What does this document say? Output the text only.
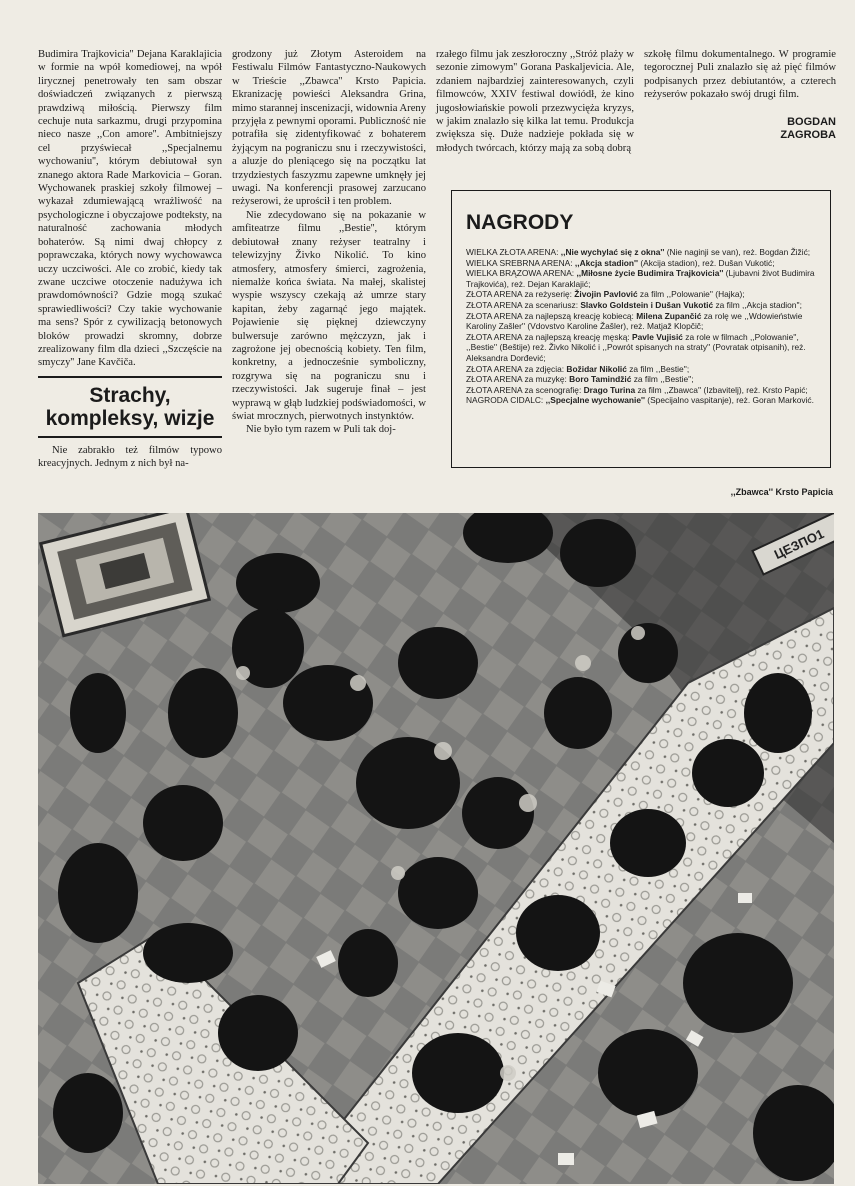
Budimira Trajkovicia'' Dejana Karaklajicia w formie na wpół komediowej, na wpół lirycznej penetrowały ten sam obszar doświadczeń związanych z pierwszą prawdziwą miłością. Pierwszy film cechuje nuta sarkazmu, drugi przypomina nieco nasze ,,Con amore''. Ambitniejszy cel przyświecał ,,Specjalnemu wychowaniu'', którym debiutował syn znanego aktora Rade Markovicia – Goran. Wychowanek praskiej szkoły filmowej – wykazał zdumiewającą wrażliwość na psychologiczne i obyczajowe podteksty, na naturalność zachowania młodych bohaterów. Są nimi dwaj chłopcy z poprawczaka, których nowy wychowawca uczy uczciwości. Ale co zrobić, kiedy tak zwane uczciwe otoczenie nadużywa ich prawdomówności? Gdzie mogą szukać sprawiedliwości? Czy takie wychowanie ma sens? Spór z cywilizacją betonowych bloków prowadzi skromny, dobrze zrealizowany film dla dzieci ,,Szczęście na smyczy'' Jane Kavčiča.

Strachy, kompleksy, wizje

Nie zabrakło też filmów typowo kreacyjnych. Jednym z nich był na-

grodzony już Złotym Asteroidem na Festiwalu Filmów Fantastyczno-Naukowych w Trieście ,,Zbawca'' Krsto Papicia. Ekranizację powieści Aleksandra Grina, mimo starannej inscenizacji, widownia Areny przyjęła z pewnymi oporami. Publiczność nie potrafiła się zidentyfikować z bohaterem żyjącym na pograniczu snu i rzeczywistości, a aluzje do pleniącego się na początku lat trzydziestych faszyzmu zapewne umknęły jej uwagi. Na konferencji prasowej zarzucano reżyserowi, że uprościł i ten problem.

Nie zdecydowano się na pokazanie w amfiteatrze filmu ,,Bestie'', którym debiutował znany reżyser teatralny i telewizyjny Živko Nikolić. To kino atmosfery, atmosfery śmierci, zagrożenia, niemalże końca świata. Na małej, skalistej wyspie wszyscy czekają aż umrze stary kapitan, żeby zagarnąć jego majątek. Pojawienie się pięknej dziewczyny bulwersuje zarówno mężczyzn, jak i zagrożone jej obecnością kobiety. Ten film, konkretny, a jednocześnie symboliczny, rozgrywa się na pograniczu snu i rzeczywistości. Jak sugeruje finał – jest wyprawą w głąb ludzkiej podświadomości, w świat mrocznych, pierwotnych instynktów.

Nie było tym razem w Puli tak doj-

rzałego filmu jak zeszłoroczny ,,Stróż plaży w sezonie zimowym'' Gorana Paskaljevicia. Ale, zdaniem najbardziej zainteresowanych, czyli filmowców, XXIV festiwal dowiódł, że kino jugosłowiańskie powoli przezwycięża kryzys, w jakim znalazło się kilka lat temu. Produkcja zwiększa się. Duże nadzieje pokłada się w młodych twórcach, którzy mają za sobą dobrą

szkołę filmu dokumentalnego. W programie tegorocznej Puli znalazło się aż pięć filmów podpisanych przez debiutantów, a czterech reżyserów pokazało swój drugi film.

BOGDAN
ZAGROBA
NAGRODY

WIELKA ZŁOTA ARENA: ,,Nie wychylać się z okna'' (Nie naginji se van), reż. Bogdan Žižić;

WIELKA SREBRNA ARENA: ,,Akcja stadion'' (Akcija stadion), reż. Dušan Vukotić;

WIELKA BRĄZOWA ARENA: ,,Miłosne życie Budimira Trajkovicia'' (Ljubavni život Budimira Trajkovića), reż. Dejan Karaklajić;

ZŁOTA ARENA za reżyserię: Živojin Pavlović za film ,,Polowanie'' (Hajka);

ZŁOTA ARENA za scenariusz: Slavko Goldstein i Dušan Vukotić za film ,,Akcja stadion'';

ZŁOTA ARENA za najlepszą kreację kobiecą: Milena Zupančić za rolę we ,,Wdowieństwie Karoliny Zašler'' (Vdovstvo Karoline Žašler), reż. Matjaž Klopčič;

ZŁOTA ARENA za najlepszą kreację męską: Pavle Vujisić za role w filmach ,,Polowanie'', ,,Bestie'' (Beštije) reż. Živko Nikolić i ,,Powrót spisanych na straty'' (Povratak otpisanih), reż. Aleksandra Dorđević;

ZŁOTA ARENA za zdjęcia: Božidar Nikolić za film ,,Bestie'';

ZŁOTA ARENA za muzykę: Boro Tamindžić za film ,,Bestie'';

ZŁOTA ARENA za scenografię: Drago Turina za film ,,Zbawca'' (Izbavitelj), reż. Krsto Papić;

NAGRODA CIDALC: ,,Specjalne wychowanie'' (Specijalno vaspitanje), reż. Goran Marković.

,,Zbawca'' Krsto Papicia
ЦЕЗПО1
